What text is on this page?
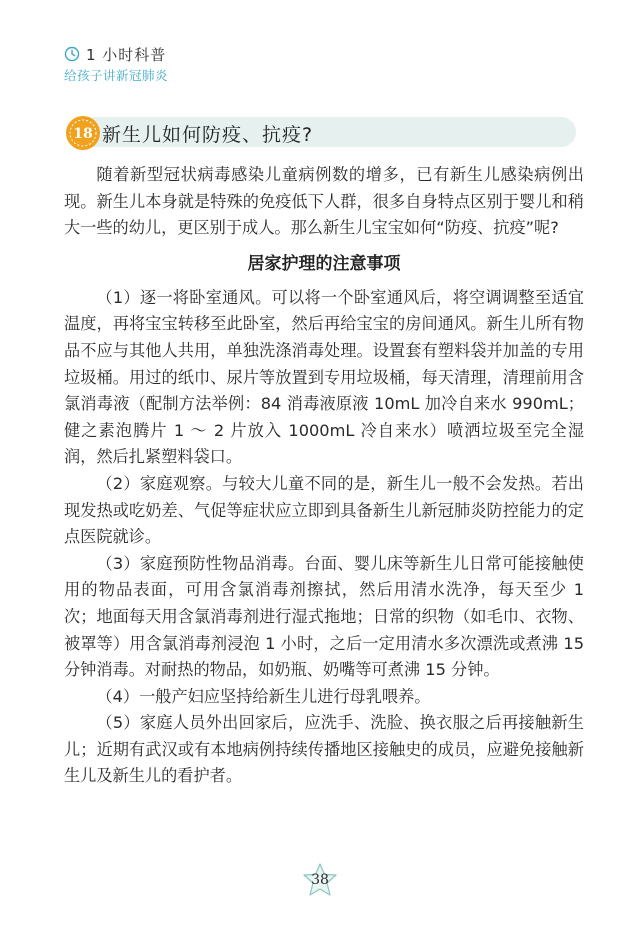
1 小时科普
给孩子讲新冠肺炎
18 新生儿如何防疫、抗疫?

随着新型冠状病毒感染儿童病例数的增多，已有新生儿感染病例出现。新生儿本身就是特殊的免疫低下人群，很多自身特点区别于婴儿和稍大一些的幼儿，更区别于成人。那么新生儿宝宝如何“防疫、抗疫”呢?

居家护理的注意事项

（1）逐一将卧室通风。可以将一个卧室通风后，将空调调整至适宜温度，再将宝宝转移至此卧室，然后再给宝宝的房间通风。新生儿所有物品不应与其他人共用，单独洗涤消毒处理。设置套有塑料袋并加盖的专用垃圾桶。用过的纸巾、尿片等放置到专用垃圾桶，每天清理，清理前用含氯消毒液（配制方法举例：84 消毒液原液 10mL 加冷自来水 990mL；健之素泡腾片 1 ～ 2 片放入 1000mL 冷自来水）喷洒垃圾至完全湿润，然后扎紧塑料袋口。

（2）家庭观察。与较大儿童不同的是，新生儿一般不会发热。若出现发热或吃奶差、气促等症状应立即到具备新生儿新冠肺炎防控能力的定点医院就诊。

（3）家庭预防性物品消毒。台面、婴儿床等新生儿日常可能接触使用的物品表面，可用含氯消毒剂擦拭，然后用清水洗净，每天至少 1 次；地面每天用含氯消毒剂进行湿式拖地；日常的织物（如毛巾、衣物、被罩等）用含氯消毒剂浸泡 1 小时，之后一定用清水多次漂洗或煮沸 15 分钟消毒。对耐热的物品，如奶瓶、奶嘴等可煮沸 15 分钟。

（4）一般产妇应坚持给新生儿进行母乳喂养。

（5）家庭人员外出回家后，应洗手、洗脸、换衣服之后再接触新生儿；近期有武汉或有本地病例持续传播地区接触史的成员，应避免接触新生儿及新生儿的看护者。

38
